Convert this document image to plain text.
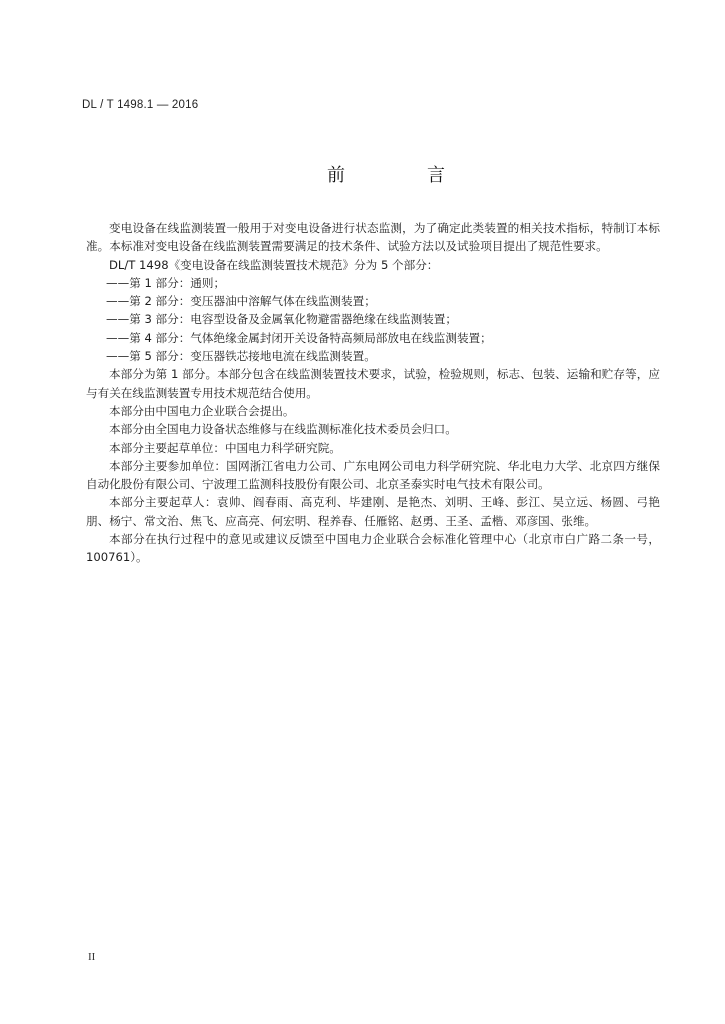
DL / T 1498.1 — 2016
前　言

变电设备在线监测装置一般用于对变电设备进行状态监测，为了确定此类装置的相关技术指标，特制订本标准。本标准对变电设备在线监测装置需要满足的技术条件、试验方法以及试验项目提出了规范性要求。

DL/T 1498《变电设备在线监测装置技术规范》分为 5 个部分：

——第 1 部分：通则；

——第 2 部分：变压器油中溶解气体在线监测装置；

——第 3 部分：电容型设备及金属氧化物避雷器绝缘在线监测装置；

——第 4 部分：气体绝缘金属封闭开关设备特高频局部放电在线监测装置；

——第 5 部分：变压器铁芯接地电流在线监测装置。

本部分为第 1 部分。本部分包含在线监测装置技术要求，试验，检验规则，标志、包装、运输和贮存等，应与有关在线监测装置专用技术规范结合使用。

本部分由中国电力企业联合会提出。

本部分由全国电力设备状态维修与在线监测标准化技术委员会归口。

本部分主要起草单位：中国电力科学研究院。

本部分主要参加单位：国网浙江省电力公司、广东电网公司电力科学研究院、华北电力大学、北京四方继保自动化股份有限公司、宁波理工监测科技股份有限公司、北京圣泰实时电气技术有限公司。

本部分主要起草人：袁帅、阎春雨、高克利、毕建刚、是艳杰、刘明、王峰、彭江、吴立远、杨圆、弓艳朋、杨宁、常文治、焦飞、应高亮、何宏明、程养春、任雁铭、赵勇、王圣、孟楷、邓彦国、张维。

本部分在执行过程中的意见或建议反馈至中国电力企业联合会标准化管理中心（北京市白广路二条一号，100761）。

II
